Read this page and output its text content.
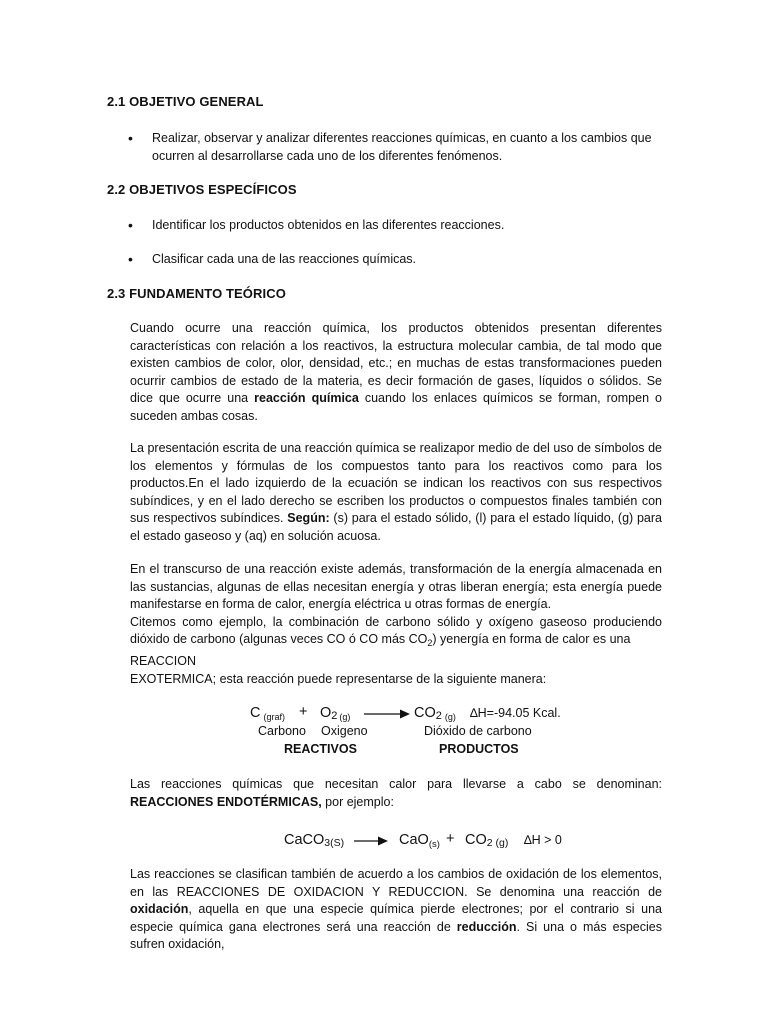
2.1 OBJETIVO GENERAL
• Realizar, observar y analizar diferentes reacciones químicas, en cuanto a los cambios que ocurren al desarrollarse cada uno de los diferentes fenómenos.
2.2 OBJETIVOS ESPECÍFICOS
• Identificar los productos obtenidos en las diferentes reacciones.
• Clasificar cada una de las reacciones químicas.
2.3 FUNDAMENTO TEÓRICO
Cuando ocurre una reacción química, los productos obtenidos presentan diferentes características con relación a los reactivos, la estructura molecular cambia, de tal modo que existen cambios de color, olor, densidad, etc.; en muchas de estas transformaciones pueden ocurrir cambios de estado de la materia, es decir formación de gases, líquidos o sólidos. Se dice que ocurre una reacción química cuando los enlaces químicos se forman, rompen o suceden ambas cosas.
La presentación escrita de una reacción química se realizapor medio de del uso de símbolos de los elementos y fórmulas de los compuestos tanto para los reactivos como para los productos.En el lado izquierdo de la ecuación se indican los reactivos con sus respectivos subíndices, y en el lado derecho se escriben los productos o compuestos finales también con sus respectivos subíndices. Según: (s) para el estado sólido, (l) para el estado líquido, (g) para el estado gaseoso y (aq) en solución acuosa.
En el transcurso de una reacción existe además, transformación de la energía almacenada en las sustancias, algunas de ellas necesitan energía y otras liberan energía; esta energía puede manifestarse en forma de calor, energía eléctrica u otras formas de energía.
Citemos como ejemplo, la combinación de carbono sólido y oxígeno gaseoso produciendo dióxido de carbono (algunas veces CO ó CO más $CO_2$) yenergía en forma de calor es una
REACCION
EXOTERMICA; esta reacción puede representarse de la siguiente manera:
C $_{(graf)}$ + O2 $_{(g)}$ → CO2 $_{(g)}$ ∆H=-94.05 Kcal.
Carbono Oxigeno	Dióxido de carbono
REACTIVOS	PRODUCTOS
Las reacciones químicas que necesitan calor para llevarse a cabo se denominan: REACCIONES ENDOTÉRMICAS, por ejemplo:
CaCO3(S) → CaO$_{(s)}$ + CO2 (g) ∆H > 0
Las reacciones se clasifican también de acuerdo a los cambios de oxidación de los elementos, en las REACCIONES DE OXIDACION Y REDUCCION. Se denomina una reacción de oxidación, aquella en que una especie química pierde electrones; por el contrario si una especie química gana electrones será una reacción de reducción. Si una o más especies sufren oxidación,
